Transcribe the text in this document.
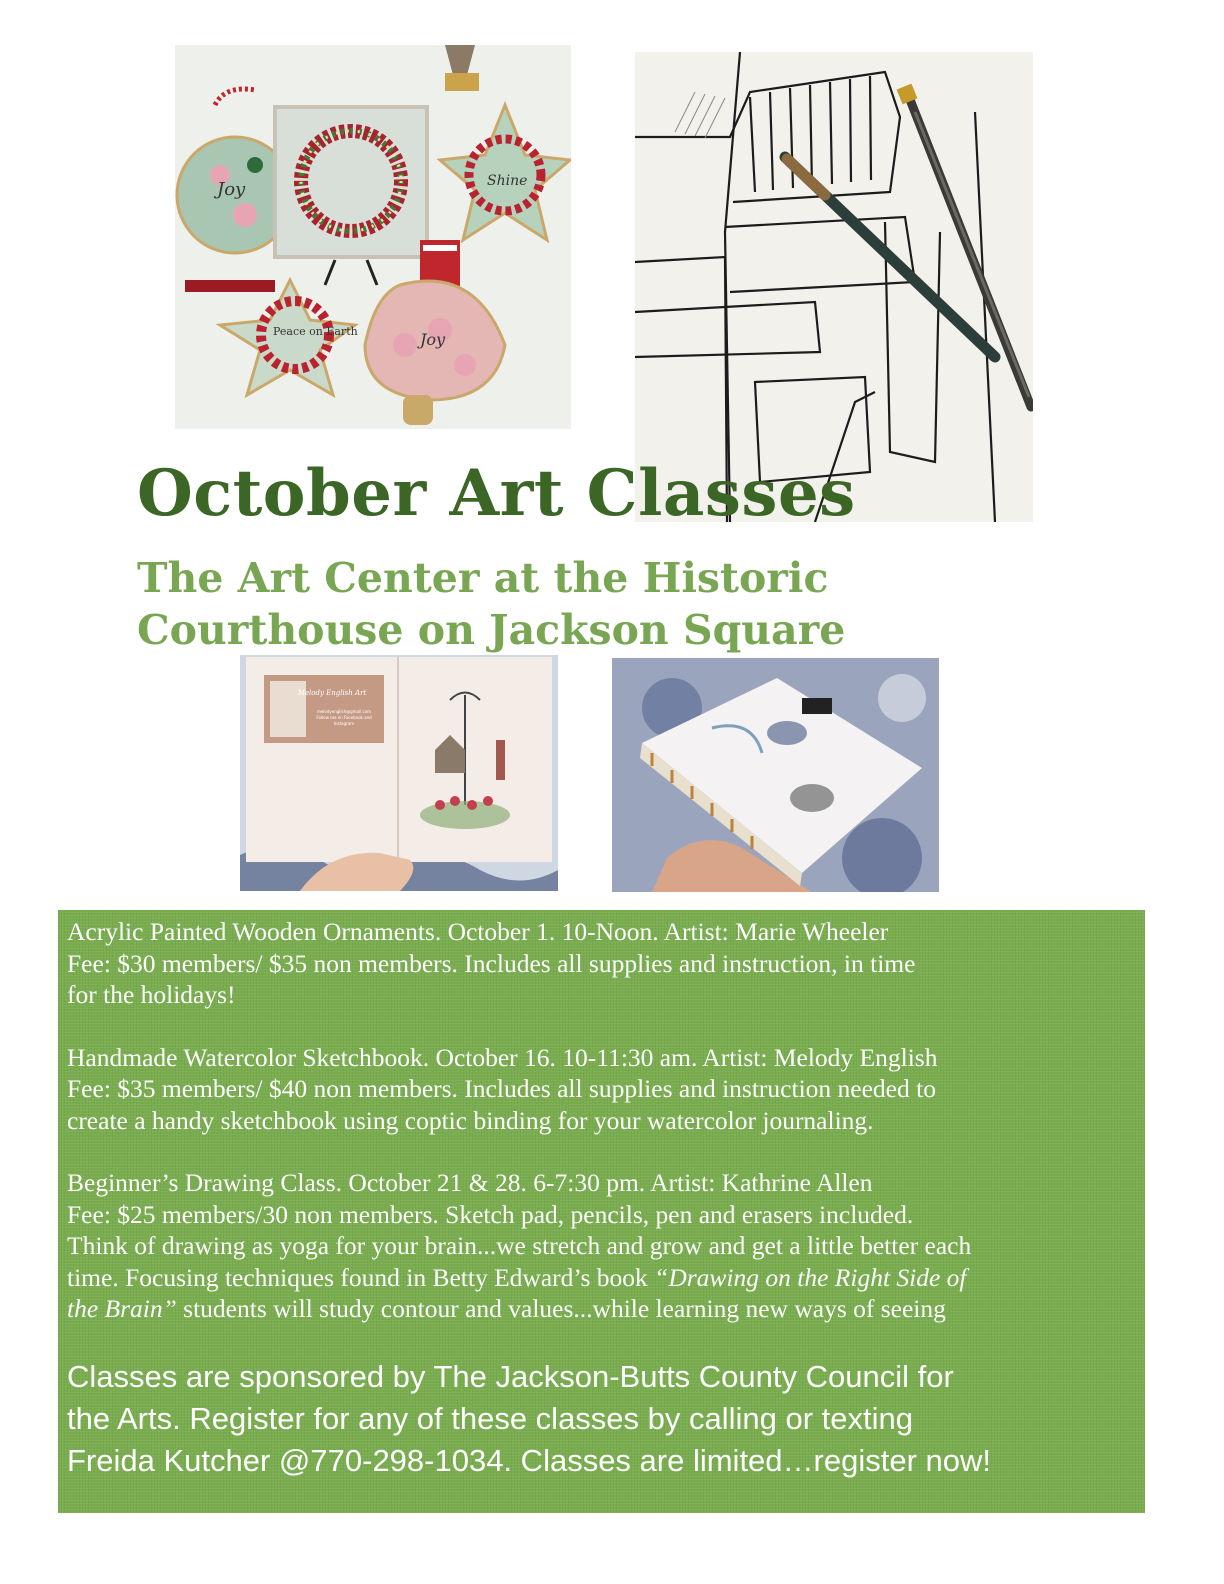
Joy	Shine
Peace on Earth	Joy
October Art Classes

The Art Center at the Historic Courthouse on Jackson Square

Melody English Art
melodyenglish@gmail.com
Follow me on Facebook and
Instagram

Acrylic Painted Wooden Ornaments. October 1. 10-Noon. Artist: Marie Wheeler

Fee: $30 members/ $35 non members. Includes all supplies and instruction, in time

for the holidays!

Handmade Watercolor Sketchbook. October 16. 10-11:30 am. Artist: Melody English

Fee: $35 members/ $40 non members. Includes all supplies and instruction needed to

create a handy sketchbook using coptic binding for your watercolor journaling.

Beginner’s Drawing Class. October 21 & 28. 6-7:30 pm. Artist: Kathrine Allen

Fee: $25 members/30 non members. Sketch pad, pencils, pen and erasers included.

Think of drawing as yoga for your brain...we stretch and grow and get a little better each

time. Focusing techniques found in Betty Edward’s book “Drawing on the Right Side of

the Brain” students will study contour and values...while learning new ways of seeing

Classes are sponsored by The Jackson-Butts County Council for
the Arts. Register for any of these classes by calling or texting
Freida Kutcher @770-298-1034. Classes are limited…register now!
